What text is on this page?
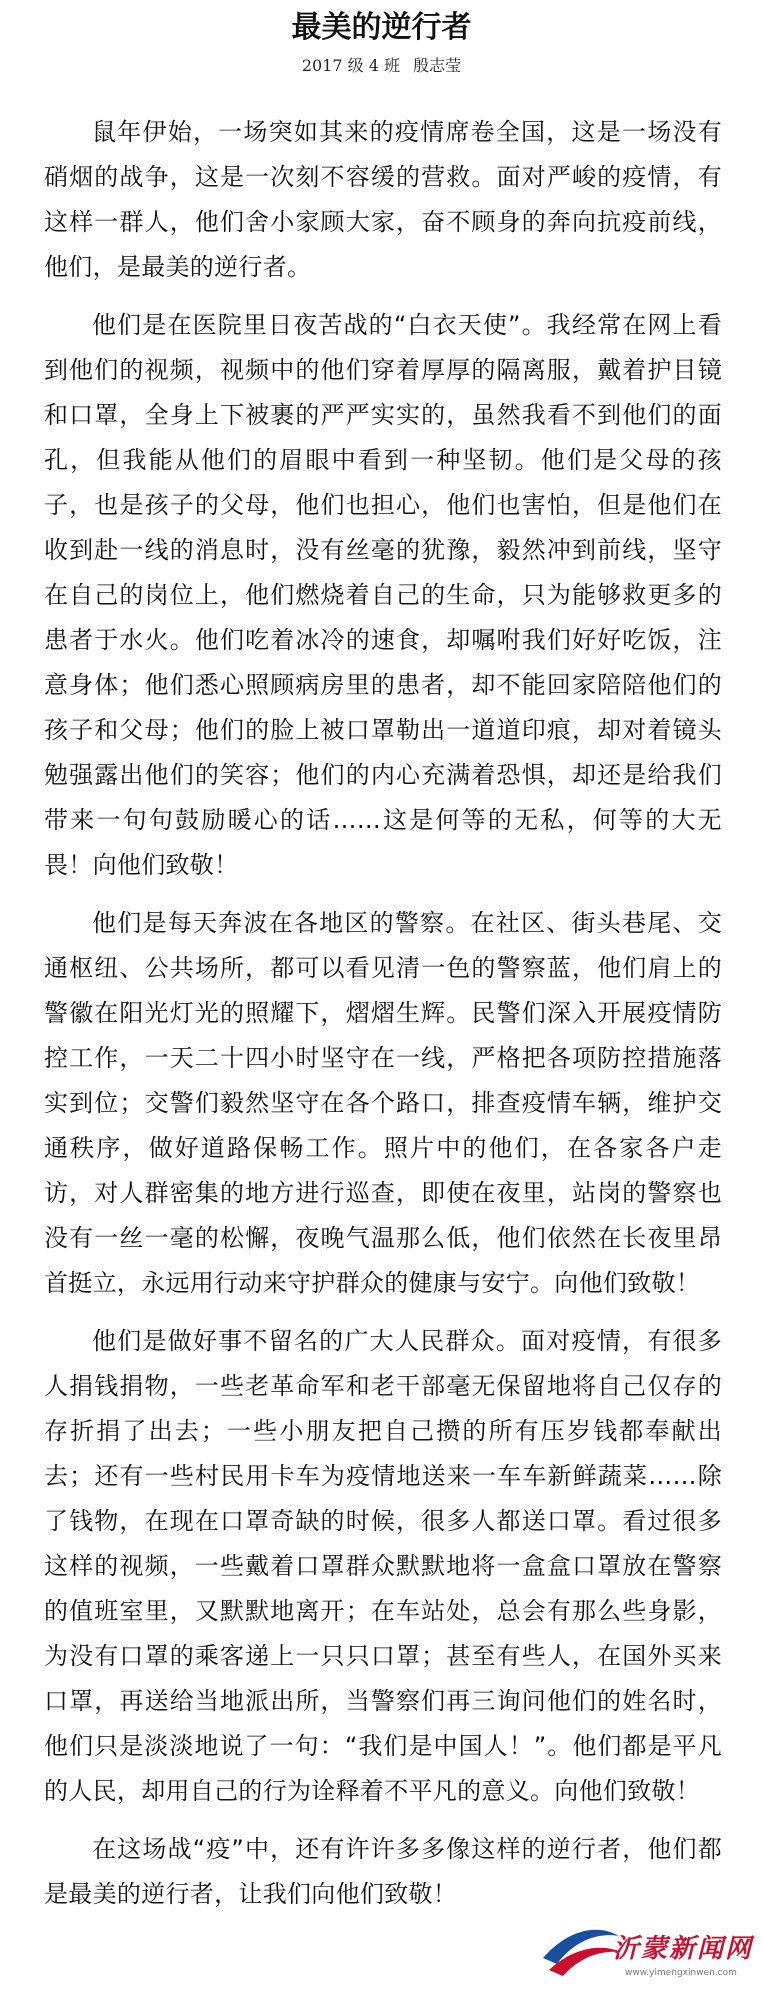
最美的逆行者
2017 级 4 班 殷志莹

鼠年伊始，一场突如其来的疫情席卷全国，这是一场没有硝烟的战争，这是一次刻不容缓的营救。面对严峻的疫情，有这样一群人，他们舍小家顾大家，奋不顾身的奔向抗疫前线，他们，是最美的逆行者。

他们是在医院里日夜苦战的“白衣天使”。我经常在网上看到他们的视频，视频中的他们穿着厚厚的隔离服，戴着护目镜和口罩，全身上下被裹的严严实实的，虽然我看不到他们的面孔，但我能从他们的眉眼中看到一种坚韧。他们是父母的孩子，也是孩子的父母，他们也担心，他们也害怕，但是他们在收到赴一线的消息时，没有丝毫的犹豫，毅然冲到前线，坚守在自己的岗位上，他们燃烧着自己的生命，只为能够救更多的患者于水火。他们吃着冰冷的速食，却嘱咐我们好好吃饭，注意身体；他们悉心照顾病房里的患者，却不能回家陪陪他们的孩子和父母；他们的脸上被口罩勒出一道道印痕，却对着镜头勉强露出他们的笑容；他们的内心充满着恐惧，却还是给我们带来一句句鼓励暖心的话……这是何等的无私，何等的大无畏！向他们致敬！

他们是每天奔波在各地区的警察。在社区、街头巷尾、交通枢纽、公共场所，都可以看见清一色的警察蓝，他们肩上的警徽在阳光灯光的照耀下，熠熠生辉。民警们深入开展疫情防控工作，一天二十四小时坚守在一线，严格把各项防控措施落实到位；交警们毅然坚守在各个路口，排查疫情车辆，维护交通秩序，做好道路保畅工作。照片中的他们，在各家各户走访，对人群密集的地方进行巡查，即使在夜里，站岗的警察也没有一丝一毫的松懈，夜晚气温那么低，他们依然在长夜里昂首挺立，永远用行动来守护群众的健康与安宁。向他们致敬！

他们是做好事不留名的广大人民群众。面对疫情，有很多人捐钱捐物，一些老革命军和老干部毫无保留地将自己仅存的存折捐了出去；一些小朋友把自己攒的所有压岁钱都奉献出去；还有一些村民用卡车为疫情地送来一车车新鲜蔬菜……除了钱物，在现在口罩奇缺的时候，很多人都送口罩。看过很多这样的视频，一些戴着口罩群众默默地将一盒盒口罩放在警察的值班室里，又默默地离开；在车站处，总会有那么些身影，为没有口罩的乘客递上一只只口罩；甚至有些人，在国外买来口罩，再送给当地派出所，当警察们再三询问他们的姓名时，他们只是淡淡地说了一句：“我们是中国人！”。他们都是平凡的人民，却用自己的行为诠释着不平凡的意义。向他们致敬！

在这场战“疫”中，还有许许多多像这样的逆行者，他们都是最美的逆行者，让我们向他们致敬！

沂蒙新闻网
www.yimengxinwen.com
